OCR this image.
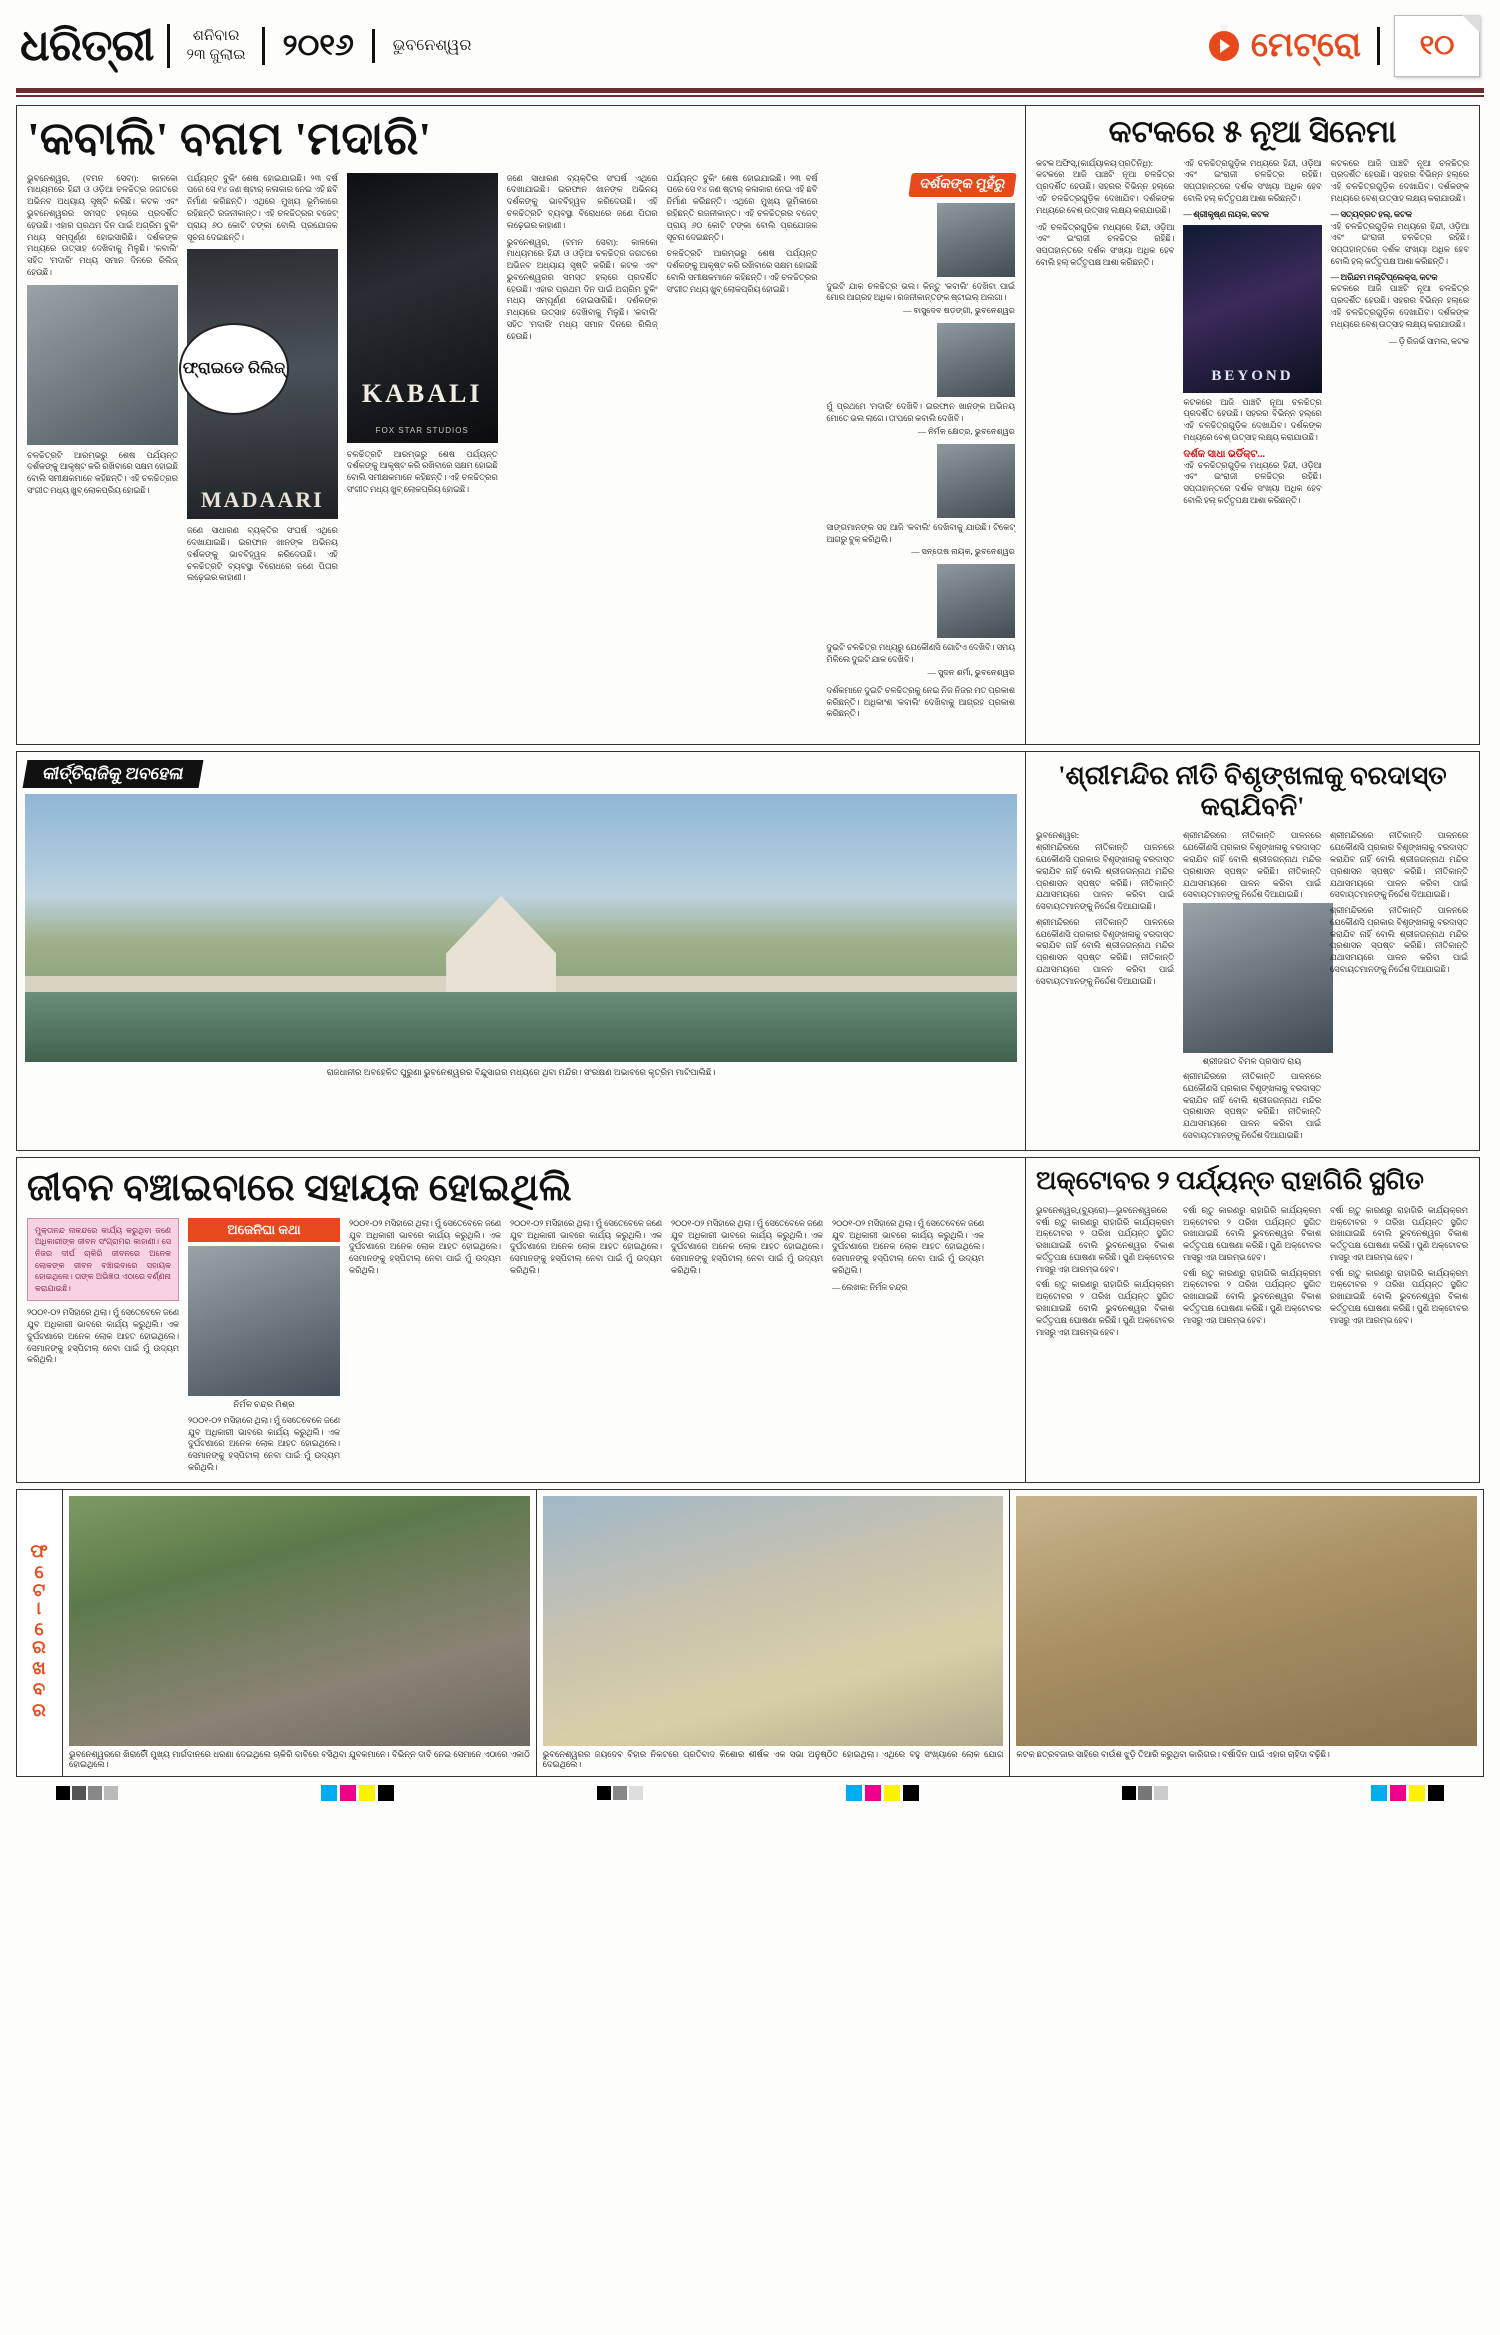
ଧରିତ୍ରୀ	ଶନିବାର
୨୩ ଜୁଲାଇ	୨୦୧୬	ଭୁବନେଶ୍ୱର	ମେଟ୍ରୋ	୧୦
'କବାଲି' ବନାମ 'ମଦାରି'
ଭୁବନେଶ୍ୱର, (ବମନ ସେବା): କାଳକୋ ମାଧ୍ୟମରେ ହିନ୍ଦୀ ଓ ଓଡ଼ିଆ ଚଳଚ୍ଚିତ୍ର ଜଗତରେ ଅଭିନବ ଅଧ୍ୟାୟ ସୃଷ୍ଟି କରିଛି। କଟକ ଏବଂ ଭୁବନେଶ୍ୱରର ସମସ୍ତ ହଲ୍‌ରେ ପ୍ରଦର୍ଶିତ ହେଉଛି। ଏହାର ପ୍ରଥମ ଦିନ ପାଇଁ ଅଗ୍ରିମ ବୁକିଂ ମଧ୍ୟ ସମ୍ପୂର୍ଣ୍ଣ ହୋଇସାରିଛି। ଦର୍ଶକଙ୍କ ମଧ୍ୟରେ ଉତ୍ସାହ ଦେଖିବାକୁ ମିଳୁଛି। 'କବାଲି' ସହିତ 'ମଦାରି' ମଧ୍ୟ ସମାନ ଦିନରେ ରିଲିଜ୍ ହେଉଛି।
ଚଳଚ୍ଚିତ୍ରଟି ଆରମ୍ଭରୁ ଶେଷ ପର୍ଯ୍ୟନ୍ତ ଦର୍ଶକଙ୍କୁ ଆକୃଷ୍ଟ କରି ରଖିବାରେ ସକ୍ଷମ ହୋଇଛି ବୋଲି ସମୀକ୍ଷକମାନେ କହିଛନ୍ତି। ଏହି ଚଳଚ୍ଚିତ୍ରର ସଂଗୀତ ମଧ୍ୟ ଖୁବ୍ ଲୋକପ୍ରିୟ ହୋଇଛି।
ପର୍ଯ୍ୟନ୍ତ ବୁକିଂ ଶେଷ ହୋଇଯାଇଛି। ୨୩ ବର୍ଷ ପରେ ସେ ୧୪ ଜଣ ଷ୍ଟାର୍ କଳାକାର ନେଇ ଏହି ଛବି ନିର୍ମାଣ କରିଛନ୍ତି। ଏଥିରେ ମୁଖ୍ୟ ଭୂମିକାରେ ରହିଛନ୍ତି ରଜନୀକାନ୍ତ। ଏହି ଚଳଚ୍ଚିତ୍ରର ବଜେଟ୍ ପ୍ରାୟ ୬୦ କୋଟି ଟଙ୍କା ବୋଲି ପ୍ରଯୋଜକ ସୂଚନା ଦେଇଛନ୍ତି।
MADAARI
ଫ୍ରାଇଡେ ରିଲିଜ୍
ଜଣେ ସାଧାରଣ ବ୍ୟକ୍ତିର ସଂଘର୍ଷ ଏଥିରେ ଦେଖାଯାଇଛି। ଇରଫାନ ଖାନଙ୍କ ଅଭିନୟ ଦର୍ଶକଙ୍କୁ ଭାବବିହ୍ୱଳ କରିଦେଉଛି। ଏହି ଚଳଚ୍ଚିତ୍ରଟି ବ୍ୟବସ୍ଥା ବିରୋଧରେ ଜଣେ ପିତାର ଲଢ଼େଇର କାହାଣୀ।
KABALI
FOX STAR STUDIOS
ଚଳଚ୍ଚିତ୍ରଟି ଆରମ୍ଭରୁ ଶେଷ ପର୍ଯ୍ୟନ୍ତ ଦର୍ଶକଙ୍କୁ ଆକୃଷ୍ଟ କରି ରଖିବାରେ ସକ୍ଷମ ହୋଇଛି ବୋଲି ସମୀକ୍ଷକମାନେ କହିଛନ୍ତି। ଏହି ଚଳଚ୍ଚିତ୍ରର ସଂଗୀତ ମଧ୍ୟ ଖୁବ୍ ଲୋକପ୍ରିୟ ହୋଇଛି।
ଜଣେ ସାଧାରଣ ବ୍ୟକ୍ତିର ସଂଘର୍ଷ ଏଥିରେ ଦେଖାଯାଇଛି। ଇରଫାନ ଖାନଙ୍କ ଅଭିନୟ ଦର୍ଶକଙ୍କୁ ଭାବବିହ୍ୱଳ କରିଦେଉଛି। ଏହି ଚଳଚ୍ଚିତ୍ରଟି ବ୍ୟବସ୍ଥା ବିରୋଧରେ ଜଣେ ପିତାର ଲଢ଼େଇର କାହାଣୀ।
ଭୁବନେଶ୍ୱର, (ବମନ ସେବା): କାଳକୋ ମାଧ୍ୟମରେ ହିନ୍ଦୀ ଓ ଓଡ଼ିଆ ଚଳଚ୍ଚିତ୍ର ଜଗତରେ ଅଭିନବ ଅଧ୍ୟାୟ ସୃଷ୍ଟି କରିଛି। କଟକ ଏବଂ ଭୁବନେଶ୍ୱରର ସମସ୍ତ ହଲ୍‌ରେ ପ୍ରଦର୍ଶିତ ହେଉଛି। ଏହାର ପ୍ରଥମ ଦିନ ପାଇଁ ଅଗ୍ରିମ ବୁକିଂ ମଧ୍ୟ ସମ୍ପୂର୍ଣ୍ଣ ହୋଇସାରିଛି। ଦର୍ଶକଙ୍କ ମଧ୍ୟରେ ଉତ୍ସାହ ଦେଖିବାକୁ ମିଳୁଛି। 'କବାଲି' ସହିତ 'ମଦାରି' ମଧ୍ୟ ସମାନ ଦିନରେ ରିଲିଜ୍ ହେଉଛି।
ପର୍ଯ୍ୟନ୍ତ ବୁକିଂ ଶେଷ ହୋଇଯାଇଛି। ୨୩ ବର୍ଷ ପରେ ସେ ୧୪ ଜଣ ଷ୍ଟାର୍ କଳାକାର ନେଇ ଏହି ଛବି ନିର୍ମାଣ କରିଛନ୍ତି। ଏଥିରେ ମୁଖ୍ୟ ଭୂମିକାରେ ରହିଛନ୍ତି ରଜନୀକାନ୍ତ। ଏହି ଚଳଚ୍ଚିତ୍ରର ବଜେଟ୍ ପ୍ରାୟ ୬୦ କୋଟି ଟଙ୍କା ବୋଲି ପ୍ରଯୋଜକ ସୂଚନା ଦେଇଛନ୍ତି।
ଚଳଚ୍ଚିତ୍ରଟି ଆରମ୍ଭରୁ ଶେଷ ପର୍ଯ୍ୟନ୍ତ ଦର୍ଶକଙ୍କୁ ଆକୃଷ୍ଟ କରି ରଖିବାରେ ସକ୍ଷମ ହୋଇଛି ବୋଲି ସମୀକ୍ଷକମାନେ କହିଛନ୍ତି। ଏହି ଚଳଚ୍ଚିତ୍ରର ସଂଗୀତ ମଧ୍ୟ ଖୁବ୍ ଲୋକପ୍ରିୟ ହୋଇଛି।
ଦର୍ଶକଙ୍କ ମୁହଁରୁ
ଦୁଇଟି ଯାକ ଚଳଚ୍ଚିତ୍ର ଭଲ। କିନ୍ତୁ 'କବାଲି' ଦେଖିବା ପାଇଁ ମୋର ଆଗ୍ରହ ଅଧିକ। ରଜନୀକାନ୍ତଙ୍କ ଷ୍ଟାଇଲ୍ ଅଲଗା।
— ବାସୁଦେବ ଷଡ଼ଙ୍ଗୀ, ଭୁବନେଶ୍ୱର
ମୁଁ ପ୍ରଥମେ 'ମଦାରି' ଦେଖିବି। ଇରଫାନ ଖାନଙ୍କ ଅଭିନୟ ମୋତେ ଭଲ ଲାଗେ। ତା'ପରେ କବାଲି ଦେଖିବି।
— ନିର୍ମଳ କ୍ଷେତ୍ର, ଭୁବନେଶ୍ୱର
ସାଙ୍ଗମାନଙ୍କ ସହ ଆଜି 'କବାଲି' ଦେଖିବାକୁ ଯାଉଛି। ଟିକେଟ୍ ଆଗରୁ ବୁକ୍ କରିଥିଲି।
— ସନ୍ତୋଷ ନାୟକ, ଭୁବନେଶ୍ୱର
ଦୁଇଟି ଚଳଚ୍ଚିତ୍ର ମଧ୍ୟରୁ ଯେକୌଣସି ଗୋଟିଏ ଦେଖିବି। ସମୟ ମିଳିଲେ ଦୁଇଟି ଯାକ ଦେଖିବି।
— ସୁଦନ ଶର୍ମା, ଭୁବନେଶ୍ୱର
ଦର୍ଶକମାନେ ଦୁଇଟି ଚଳଚ୍ଚିତ୍ରକୁ ନେଇ ନିଜ ନିଜର ମତ ପ୍ରକାଶ କରିଛନ୍ତି। ଅଧିକାଂଶ 'କବାଲି' ଦେଖିବାକୁ ଆଗ୍ରହ ପ୍ରକାଶ କରିଛନ୍ତି।
କଟକରେ ୫ ନୂଆ ସିନେମା
କଟକ ଅଫିସ୍,(କାର୍ଯ୍ୟାଳୟ ପ୍ରତିନିଧି):
କଟକରେ ଆଜି ପାଞ୍ଚଟି ନୂଆ ଚଳଚ୍ଚିତ୍ର ପ୍ରଦର୍ଶିତ ହେଉଛି। ସହରର ବିଭିନ୍ନ ହଲ୍‌ରେ ଏହି ଚଳଚ୍ଚିତ୍ରଗୁଡ଼ିକ ଦେଖାଯିବ। ଦର୍ଶକଙ୍କ ମଧ୍ୟରେ ବେଶ୍ ଉତ୍ସାହ ଲକ୍ଷ୍ୟ କରାଯାଉଛି।
ଏହି ଚଳଚ୍ଚିତ୍ରଗୁଡ଼ିକ ମଧ୍ୟରେ ହିନ୍ଦୀ, ଓଡ଼ିଆ ଏବଂ ଇଂରାଜୀ ଚଳଚ୍ଚିତ୍ର ରହିଛି। ସପ୍ତାହାନ୍ତରେ ଦର୍ଶକ ସଂଖ୍ୟା ଅଧିକ ହେବ ବୋଲି ହଲ୍ କର୍ତ୍ତୃପକ୍ଷ ଆଶା କରିଛନ୍ତି।
ଏହି ଚଳଚ୍ଚିତ୍ରଗୁଡ଼ିକ ମଧ୍ୟରେ ହିନ୍ଦୀ, ଓଡ଼ିଆ ଏବଂ ଇଂରାଜୀ ଚଳଚ୍ଚିତ୍ର ରହିଛି। ସପ୍ତାହାନ୍ତରେ ଦର୍ଶକ ସଂଖ୍ୟା ଅଧିକ ହେବ ବୋଲି ହଲ୍ କର୍ତ୍ତୃପକ୍ଷ ଆଶା କରିଛନ୍ତି।
— ଶ୍ରୀକୃଷ୍ଣ ନାୟକ, କଟକ
BEYOND
କଟକରେ ଆଜି ପାଞ୍ଚଟି ନୂଆ ଚଳଚ୍ଚିତ୍ର ପ୍ରଦର୍ଶିତ ହେଉଛି। ସହରର ବିଭିନ୍ନ ହଲ୍‌ରେ ଏହି ଚଳଚ୍ଚିତ୍ରଗୁଡ଼ିକ ଦେଖାଯିବ। ଦର୍ଶକଙ୍କ ମଧ୍ୟରେ ବେଶ୍ ଉତ୍ସାହ ଲକ୍ଷ୍ୟ କରାଯାଉଛି।
ଦର୍ଶକ ସାଧା ଭର୍ଡିକ୍ଟ...
ଏହି ଚଳଚ୍ଚିତ୍ରଗୁଡ଼ିକ ମଧ୍ୟରେ ହିନ୍ଦୀ, ଓଡ଼ିଆ ଏବଂ ଇଂରାଜୀ ଚଳଚ୍ଚିତ୍ର ରହିଛି। ସପ୍ତାହାନ୍ତରେ ଦର୍ଶକ ସଂଖ୍ୟା ଅଧିକ ହେବ ବୋଲି ହଲ୍ କର୍ତ୍ତୃପକ୍ଷ ଆଶା କରିଛନ୍ତି।
କଟକରେ ଆଜି ପାଞ୍ଚଟି ନୂଆ ଚଳଚ୍ଚିତ୍ର ପ୍ରଦର୍ଶିତ ହେଉଛି। ସହରର ବିଭିନ୍ନ ହଲ୍‌ରେ ଏହି ଚଳଚ୍ଚିତ୍ରଗୁଡ଼ିକ ଦେଖାଯିବ। ଦର୍ଶକଙ୍କ ମଧ୍ୟରେ ବେଶ୍ ଉତ୍ସାହ ଲକ୍ଷ୍ୟ କରାଯାଉଛି।
— ସତ୍ୟବ୍ରତ ହଲ୍, କଟକ
ଏହି ଚଳଚ୍ଚିତ୍ରଗୁଡ଼ିକ ମଧ୍ୟରେ ହିନ୍ଦୀ, ଓଡ଼ିଆ ଏବଂ ଇଂରାଜୀ ଚଳଚ୍ଚିତ୍ର ରହିଛି। ସପ୍ତାହାନ୍ତରେ ଦର୍ଶକ ସଂଖ୍ୟା ଅଧିକ ହେବ ବୋଲି ହଲ୍ କର୍ତ୍ତୃପକ୍ଷ ଆଶା କରିଛନ୍ତି।
— ଅରିନ୍ଦମ ମଲ୍‌ଟିପ୍ଲେକ୍ସ, କଟକ
କଟକରେ ଆଜି ପାଞ୍ଚଟି ନୂଆ ଚଳଚ୍ଚିତ୍ର ପ୍ରଦର୍ଶିତ ହେଉଛି। ସହରର ବିଭିନ୍ନ ହଲ୍‌ରେ ଏହି ଚଳଚ୍ଚିତ୍ରଗୁଡ଼ିକ ଦେଖାଯିବ। ଦର୍ଶକଙ୍କ ମଧ୍ୟରେ ବେଶ୍ ଉତ୍ସାହ ଲକ୍ଷ୍ୟ କରାଯାଉଛି।
— ଡ଼ି ରିଜର୍ଭ ସାମଲ, କଟକ
କୀର୍ତ୍ତିରାଜିକୁ ଅବହେଳା
ରାଜଧାନୀର ଅବହେଳିତ ପୁରୁଣା ଭୁବନେଶ୍ୱରର ବିନ୍ଦୁସାଗର ମଧ୍ୟରେ ଥିବା ମନ୍ଦିର। ସଂରକ୍ଷଣ ଅଭାବରେ କୃତ୍ରିମ ମାଟିପାଲିଛି।
'ଶ୍ରୀମନ୍ଦିର ନୀତି ବିଶୃଙ୍ଖଳାକୁ ବରଦାସ୍ତ କରାଯିବନି'
ଭୁବନେଶ୍ୱର:
ଶ୍ରୀମନ୍ଦିରରେ ନୀତିକାନ୍ତି ପାଳନରେ ଯେକୌଣସି ପ୍ରକାର ବିଶୃଙ୍ଖଳାକୁ ବରଦାସ୍ତ କରାଯିବ ନାହିଁ ବୋଲି ଶ୍ରୀଜଗନ୍ନାଥ ମନ୍ଦିର ପ୍ରଶାସନ ସ୍ପଷ୍ଟ କରିଛି। ନୀତିକାନ୍ତି ଯଥାସମୟରେ ପାଳନ କରିବା ପାଇଁ ସେବାୟତମାନଙ୍କୁ ନିର୍ଦ୍ଦେଶ ଦିଆଯାଇଛି।
ଶ୍ରୀମନ୍ଦିରରେ ନୀତିକାନ୍ତି ପାଳନରେ ଯେକୌଣସି ପ୍ରକାର ବିଶୃଙ୍ଖଳାକୁ ବରଦାସ୍ତ କରାଯିବ ନାହିଁ ବୋଲି ଶ୍ରୀଜଗନ୍ନାଥ ମନ୍ଦିର ପ୍ରଶାସନ ସ୍ପଷ୍ଟ କରିଛି। ନୀତିକାନ୍ତି ଯଥାସମୟରେ ପାଳନ କରିବା ପାଇଁ ସେବାୟତମାନଙ୍କୁ ନିର୍ଦ୍ଦେଶ ଦିଆଯାଇଛି।
ଶ୍ରୀମନ୍ଦିରରେ ନୀତିକାନ୍ତି ପାଳନରେ ଯେକୌଣସି ପ୍ରକାର ବିଶୃଙ୍ଖଳାକୁ ବରଦାସ୍ତ କରାଯିବ ନାହିଁ ବୋଲି ଶ୍ରୀଜଗନ୍ନାଥ ମନ୍ଦିର ପ୍ରଶାସନ ସ୍ପଷ୍ଟ କରିଛି। ନୀତିକାନ୍ତି ଯଥାସମୟରେ ପାଳନ କରିବା ପାଇଁ ସେବାୟତମାନଙ୍କୁ ନିର୍ଦ୍ଦେଶ ଦିଆଯାଇଛି।
ଶ୍ରୀଜଗତ ବିମଳ ପ୍ରସାଦ ରାୟ
ଶ୍ରୀମନ୍ଦିରରେ ନୀତିକାନ୍ତି ପାଳନରେ ଯେକୌଣସି ପ୍ରକାର ବିଶୃଙ୍ଖଳାକୁ ବରଦାସ୍ତ କରାଯିବ ନାହିଁ ବୋଲି ଶ୍ରୀଜଗନ୍ନାଥ ମନ୍ଦିର ପ୍ରଶାସନ ସ୍ପଷ୍ଟ କରିଛି। ନୀତିକାନ୍ତି ଯଥାସମୟରେ ପାଳନ କରିବା ପାଇଁ ସେବାୟତମାନଙ୍କୁ ନିର୍ଦ୍ଦେଶ ଦିଆଯାଇଛି।
ଶ୍ରୀମନ୍ଦିରରେ ନୀତିକାନ୍ତି ପାଳନରେ ଯେକୌଣସି ପ୍ରକାର ବିଶୃଙ୍ଖଳାକୁ ବରଦାସ୍ତ କରାଯିବ ନାହିଁ ବୋଲି ଶ୍ରୀଜଗନ୍ନାଥ ମନ୍ଦିର ପ୍ରଶାସନ ସ୍ପଷ୍ଟ କରିଛି। ନୀତିକାନ୍ତି ଯଥାସମୟରେ ପାଳନ କରିବା ପାଇଁ ସେବାୟତମାନଙ୍କୁ ନିର୍ଦ୍ଦେଶ ଦିଆଯାଇଛି।
ଶ୍ରୀମନ୍ଦିରରେ ନୀତିକାନ୍ତି ପାଳନରେ ଯେକୌଣସି ପ୍ରକାର ବିଶୃଙ୍ଖଳାକୁ ବରଦାସ୍ତ କରାଯିବ ନାହିଁ ବୋଲି ଶ୍ରୀଜଗନ୍ନାଥ ମନ୍ଦିର ପ୍ରଶାସନ ସ୍ପଷ୍ଟ କରିଛି। ନୀତିକାନ୍ତି ଯଥାସମୟରେ ପାଳନ କରିବା ପାଇଁ ସେବାୟତମାନଙ୍କୁ ନିର୍ଦ୍ଦେଶ ଦିଆଯାଇଛି।
ଜୀବନ ବଞ୍ଚାଇବାରେ ସହାୟକ ହୋଇଥିଲି
ମୁକ୍ତାନନ୍ଦ ନାକନ୍ଦରେ କାର୍ଯ୍ୟ କରୁଥିବା ଜଣେ ଅଧିକାରୀଙ୍କ ଜୀବନ ସଂଗ୍ରାମର କାହାଣୀ। ସେ ନିଜର ଦୀର୍ଘ ଚାକିରି ଜୀବନରେ ଅନେକ ଲୋକଙ୍କ ଜୀବନ ବଞ୍ଚାଇବାରେ ସହାୟକ ହୋଇଥିଲେ। ତାଙ୍କ ଅଭିଜ୍ଞତା ଏଠାରେ ବର୍ଣ୍ଣନା କରାଯାଇଛି।
୨୦୦୧-୦୨ ମସିହାରେ ଥିଲା। ମୁଁ ସେତେବେଳେ ଜଣେ ଯୁବ ଅଧିକାରୀ ଭାବରେ କାର୍ଯ୍ୟ କରୁଥିଲି। ଏକ ଦୁର୍ଘଟଣାରେ ଅନେକ ଲୋକ ଆହତ ହୋଇଥିଲେ। ସେମାନଙ୍କୁ ହସ୍ପିଟାଲ୍ ନେବା ପାଇଁ ମୁଁ ଉଦ୍ୟମ କରିଥିଲି।
ଅଜେନିଘା କଥା
ନିର୍ମଳ ଚନ୍ଦ୍ର ମିଶ୍ର
୨୦୦୧-୦୨ ମସିହାରେ ଥିଲା। ମୁଁ ସେତେବେଳେ ଜଣେ ଯୁବ ଅଧିକାରୀ ଭାବରେ କାର୍ଯ୍ୟ କରୁଥିଲି। ଏକ ଦୁର୍ଘଟଣାରେ ଅନେକ ଲୋକ ଆହତ ହୋଇଥିଲେ। ସେମାନଙ୍କୁ ହସ୍ପିଟାଲ୍ ନେବା ପାଇଁ ମୁଁ ଉଦ୍ୟମ କରିଥିଲି।
୨୦୦୧-୦୨ ମସିହାରେ ଥିଲା। ମୁଁ ସେତେବେଳେ ଜଣେ ଯୁବ ଅଧିକାରୀ ଭାବରେ କାର୍ଯ୍ୟ କରୁଥିଲି। ଏକ ଦୁର୍ଘଟଣାରେ ଅନେକ ଲୋକ ଆହତ ହୋଇଥିଲେ। ସେମାନଙ୍କୁ ହସ୍ପିଟାଲ୍ ନେବା ପାଇଁ ମୁଁ ଉଦ୍ୟମ କରିଥିଲି।
୨୦୦୧-୦୨ ମସିହାରେ ଥିଲା। ମୁଁ ସେତେବେଳେ ଜଣେ ଯୁବ ଅଧିକାରୀ ଭାବରେ କାର୍ଯ୍ୟ କରୁଥିଲି। ଏକ ଦୁର୍ଘଟଣାରେ ଅନେକ ଲୋକ ଆହତ ହୋଇଥିଲେ। ସେମାନଙ୍କୁ ହସ୍ପିଟାଲ୍ ନେବା ପାଇଁ ମୁଁ ଉଦ୍ୟମ କରିଥିଲି।
୨୦୦୧-୦୨ ମସିହାରେ ଥିଲା। ମୁଁ ସେତେବେଳେ ଜଣେ ଯୁବ ଅଧିକାରୀ ଭାବରେ କାର୍ଯ୍ୟ କରୁଥିଲି। ଏକ ଦୁର୍ଘଟଣାରେ ଅନେକ ଲୋକ ଆହତ ହୋଇଥିଲେ। ସେମାନଙ୍କୁ ହସ୍ପିଟାଲ୍ ନେବା ପାଇଁ ମୁଁ ଉଦ୍ୟମ କରିଥିଲି।
୨୦୦୧-୦୨ ମସିହାରେ ଥିଲା। ମୁଁ ସେତେବେଳେ ଜଣେ ଯୁବ ଅଧିକାରୀ ଭାବରେ କାର୍ଯ୍ୟ କରୁଥିଲି। ଏକ ଦୁର୍ଘଟଣାରେ ଅନେକ ଲୋକ ଆହତ ହୋଇଥିଲେ। ସେମାନଙ୍କୁ ହସ୍ପିଟାଲ୍ ନେବା ପାଇଁ ମୁଁ ଉଦ୍ୟମ କରିଥିଲି।
— ଲେଖକ: ନିର୍ମଳ ଚନ୍ଦ୍ର
ଅକ୍ଟୋବର ୨ ପର୍ଯ୍ୟନ୍ତ ରାହାଗିରି ସ୍ଥଗିତ
ଭୁବନେଶ୍ୱର,(ବ୍ୟୁରୋ)—ଭୁବନେଶ୍ୱରରେ
ବର୍ଷା ଋତୁ କାରଣରୁ ରାହାଗିରି କାର୍ଯ୍ୟକ୍ରମ ଅକ୍ଟୋବର ୨ ତାରିଖ ପର୍ଯ୍ୟନ୍ତ ସ୍ଥଗିତ ରଖାଯାଇଛି ବୋଲି ଭୁବନେଶ୍ୱର ବିକାଶ କର୍ତ୍ତୃପକ୍ଷ ଘୋଷଣା କରିଛି। ପୁଣି ଅକ୍ଟୋବର ମାସରୁ ଏହା ଆରମ୍ଭ ହେବ।
ବର୍ଷା ଋତୁ କାରଣରୁ ରାହାଗିରି କାର୍ଯ୍ୟକ୍ରମ ଅକ୍ଟୋବର ୨ ତାରିଖ ପର୍ଯ୍ୟନ୍ତ ସ୍ଥଗିତ ରଖାଯାଇଛି ବୋଲି ଭୁବନେଶ୍ୱର ବିକାଶ କର୍ତ୍ତୃପକ୍ଷ ଘୋଷଣା କରିଛି। ପୁଣି ଅକ୍ଟୋବର ମାସରୁ ଏହା ଆରମ୍ଭ ହେବ।
ବର୍ଷା ଋତୁ କାରଣରୁ ରାହାଗିରି କାର୍ଯ୍ୟକ୍ରମ ଅକ୍ଟୋବର ୨ ତାରିଖ ପର୍ଯ୍ୟନ୍ତ ସ୍ଥଗିତ ରଖାଯାଇଛି ବୋଲି ଭୁବନେଶ୍ୱର ବିକାଶ କର୍ତ୍ତୃପକ୍ଷ ଘୋଷଣା କରିଛି। ପୁଣି ଅକ୍ଟୋବର ମାସରୁ ଏହା ଆରମ୍ଭ ହେବ।
ବର୍ଷା ଋତୁ କାରଣରୁ ରାହାଗିରି କାର୍ଯ୍ୟକ୍ରମ ଅକ୍ଟୋବର ୨ ତାରିଖ ପର୍ଯ୍ୟନ୍ତ ସ୍ଥଗିତ ରଖାଯାଇଛି ବୋଲି ଭୁବନେଶ୍ୱର ବିକାଶ କର୍ତ୍ତୃପକ୍ଷ ଘୋଷଣା କରିଛି। ପୁଣି ଅକ୍ଟୋବର ମାସରୁ ଏହା ଆରମ୍ଭ ହେବ।
ବର୍ଷା ଋତୁ କାରଣରୁ ରାହାଗିରି କାର୍ଯ୍ୟକ୍ରମ ଅକ୍ଟୋବର ୨ ତାରିଖ ପର୍ଯ୍ୟନ୍ତ ସ୍ଥଗିତ ରଖାଯାଇଛି ବୋଲି ଭୁବନେଶ୍ୱର ବିକାଶ କର୍ତ୍ତୃପକ୍ଷ ଘୋଷଣା କରିଛି। ପୁଣି ଅକ୍ଟୋବର ମାସରୁ ଏହା ଆରମ୍ଭ ହେବ।
ବର୍ଷା ଋତୁ କାରଣରୁ ରାହାଗିରି କାର୍ଯ୍ୟକ୍ରମ ଅକ୍ଟୋବର ୨ ତାରିଖ ପର୍ଯ୍ୟନ୍ତ ସ୍ଥଗିତ ରଖାଯାଇଛି ବୋଲି ଭୁବନେଶ୍ୱର ବିକାଶ କର୍ତ୍ତୃପକ୍ଷ ଘୋଷଣା କରିଛି। ପୁଣି ଅକ୍ଟୋବର ମାସରୁ ଏହା ଆରମ୍ଭ ହେବ।
ଫଟୋରେଖବର
ଭୁବନେଶ୍ୱରରେ ଖିରାଚୌଁ ମୁଖ୍ୟ ମାର୍ଗଦାନରେ ଧରଣା ଦେଇଥିଲେ ଚାକିରି ଦାବିରେ ବସିଥିବା ଯୁବକମାନେ। ବିଭିନ୍ନ ଦାବି ନେଇ ସେମାନେ ଏଠାରେ ଏକାଠି ହୋଇଥିଲେ।
ଭୁବନେଶ୍ୱରର ଜୟଦେବ ବିହାର ନିକଟରେ ପ୍ରତିବାଦ କିଶୋର ଶୀର୍ଷକ ଏକ ସଭା ଅନୁଷ୍ଠିତ ହୋଇଥିଲା। ଏଥିରେ ବହୁ ସଂଖ୍ୟାରେ ଲୋକ ଯୋଗ ଦେଇଥିଲେ।
କଟକ ଛତ୍ରବଜାର ସାହିରେ ବାଉଁଶ ଝୁଡ଼ି ତିଆରି କରୁଥିବା କାରିଗର। ବର୍ଷାଦିନ ପାଇଁ ଏହାର ଚାହିଦା ବଢ଼ିଛି।
